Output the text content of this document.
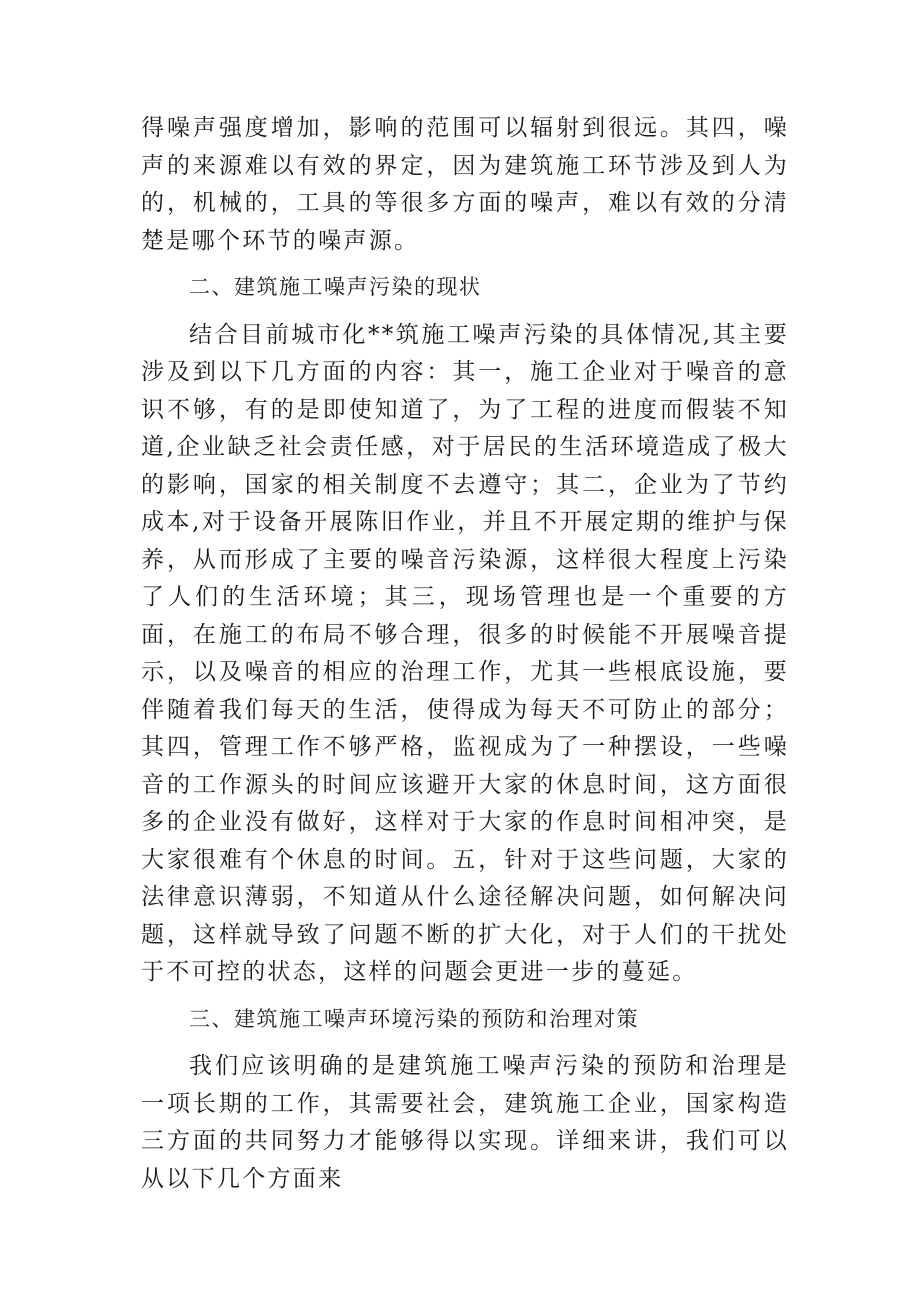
得噪声强度增加，影响的范围可以辐射到很远。其四，噪声的来源难以有效的界定，因为建筑施工环节涉及到人为的，机械的，工具的等很多方面的噪声，难以有效的分清楚是哪个环节的噪声源。

二、建筑施工噪声污染的现状

结合目前城市化**筑施工噪声污染的具体情况,其主要涉及到以下几方面的内容：其一，施工企业对于噪音的意识不够，有的是即使知道了，为了工程的进度而假装不知道,企业缺乏社会责任感，对于居民的生活环境造成了极大的影响，国家的相关制度不去遵守；其二，企业为了节约成本,对于设备开展陈旧作业，并且不开展定期的维护与保养，从而形成了主要的噪音污染源，这样很大程度上污染了人们的生活环境；其三，现场管理也是一个重要的方面，在施工的布局不够合理，很多的时候能不开展噪音提示，以及噪音的相应的治理工作，尤其一些根底设施，要伴随着我们每天的生活，使得成为每天不可防止的部分；其四，管理工作不够严格，监视成为了一种摆设，一些噪音的工作源头的时间应该避开大家的休息时间，这方面很多的企业没有做好，这样对于大家的作息时间相冲突，是大家很难有个休息的时间。五，针对于这些问题，大家的法律意识薄弱，不知道从什么途径解决问题，如何解决问题，这样就导致了问题不断的扩大化，对于人们的干扰处于不可控的状态，这样的问题会更进一步的蔓延。

三、建筑施工噪声环境污染的预防和治理对策

我们应该明确的是建筑施工噪声污染的预防和治理是一项长期的工作，其需要社会，建筑施工企业，国家构造三方面的共同努力才能够得以实现。详细来讲，我们可以从以下几个方面来
